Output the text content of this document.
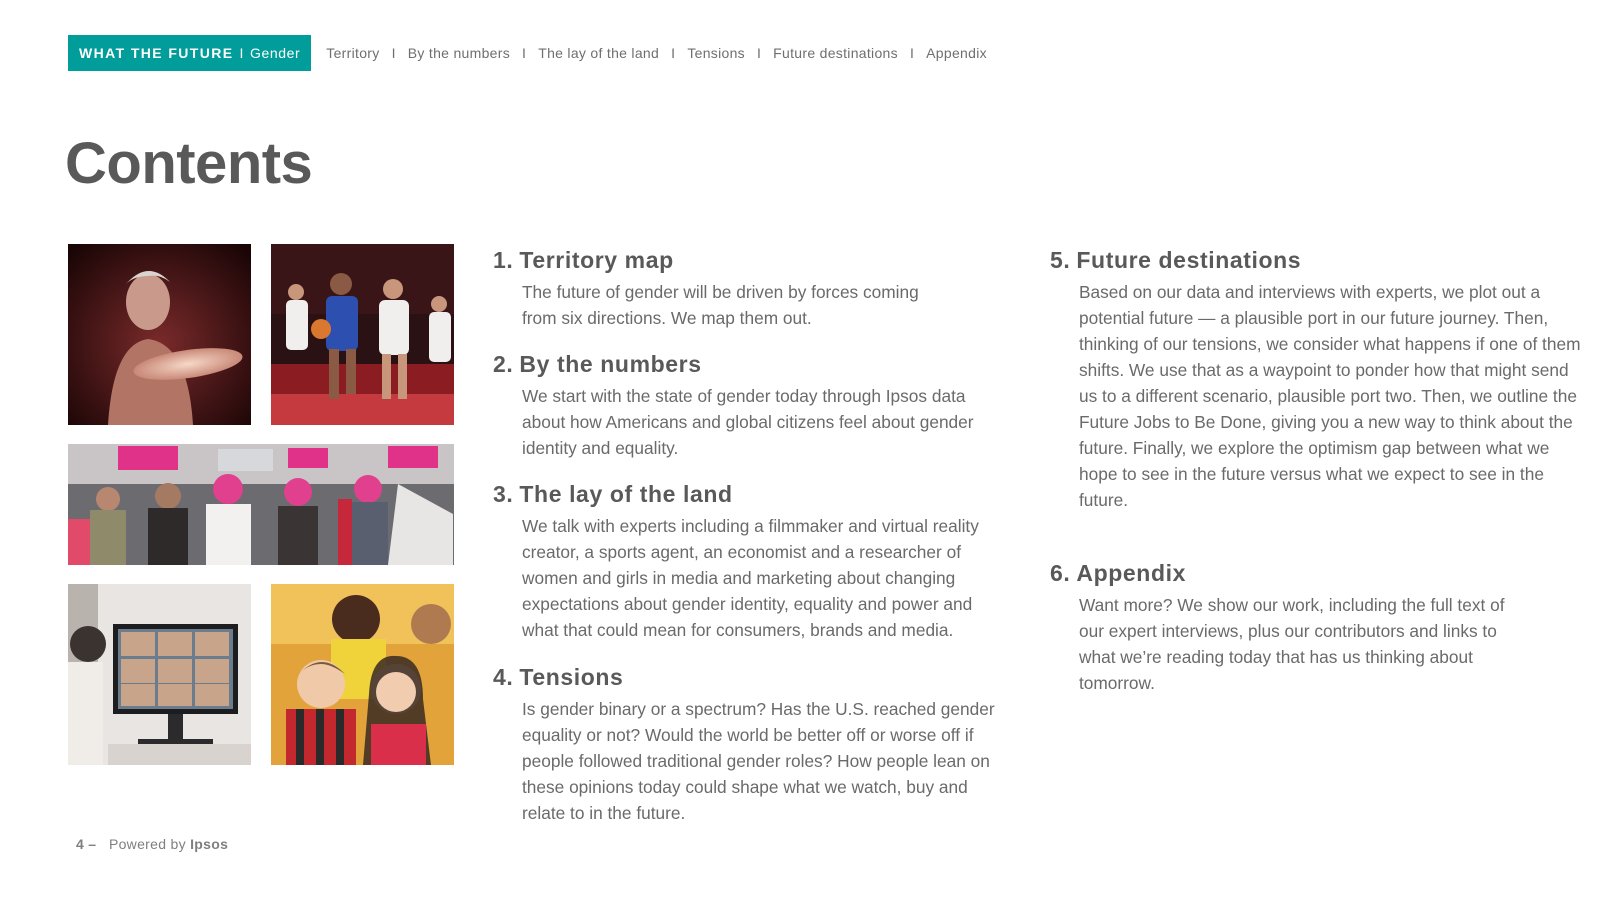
WHAT THE FUTURE I Gender Territory I By the numbers I The lay of the land I Tensions I Future destinations I Appendix
Contents
1. Territory map

The future of gender will be driven by forces coming from six directions. We map them out.

2. By the numbers

We start with the state of gender today through Ipsos data about how Americans and global citizens feel about gender identity and equality.

3. The lay of the land

We talk with experts including a filmmaker and virtual reality creator, a sports agent, an economist and a researcher of women and girls in media and marketing about changing expectations about gender identity, equality and power and what that could mean for consumers, brands and media.

4. Tensions

Is gender binary or a spectrum? Has the U.S. reached gender equality or not? Would the world be better off or worse off if people followed traditional gender roles? How people lean on these opinions today could shape what we watch, buy and relate to in the future.

5. Future destinations

Based on our data and interviews with experts, we plot out a potential future — a plausible port in our future journey. Then, thinking of our tensions, we consider what happens if one of them shifts. We use that as a waypoint to ponder how that might send us to a different scenario, plausible port two. Then, we outline the Future Jobs to Be Done, giving you a new way to think about the future. Finally, we explore the optimism gap between what we hope to see in the future versus what we expect to see in the future.

6. Appendix

Want more? We show our work, including the full text of our expert interviews, plus our contributors and links to what we’re reading today that has us thinking about tomorrow.

4 – Powered by Ipsos
